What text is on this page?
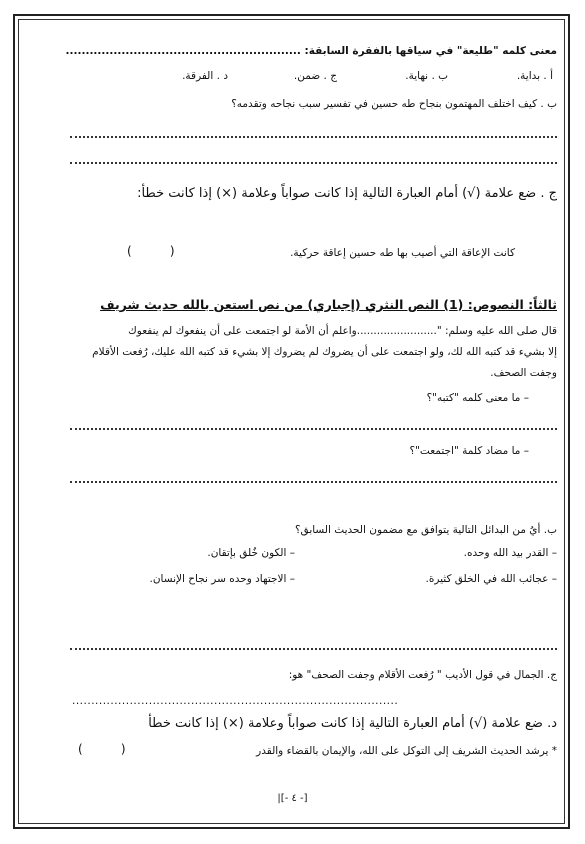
معنى كلمه "طليعة" في سياقها بالفقرة السابقة: ...........................................................
أ . بداية.
ب . نهاية.
ج . ضمن.
د . الفرقة.
ب . كيف اختلف المهتمون بنجاح طه حسين في تفسير سبب نجاحه وتقدمه؟
ج . ضع علامة (√) أمام العبارة التالية إذا كانت صواباً وعلامة (×) إذا كانت خطأ:
كانت الإعاقة التي أصيب بها طه حسين إعاقة حركية.
(          )
ثالثاً: النصوص: (1) النص النثري (إجباري) من نص استعن بالله حديث شريف
قال صلى الله عليه وسلم: "........................واعلم أن الأمة لو اجتمعت على أن ينفعوك لم ينفعوك
إلا بشيء قد كتبه الله لك، ولو اجتمعت على أن يضروك لم يضروك إلا بشيء قد كتبه الله عليك، رُفعت الأقلام
وجفت الصحف.
– ما معنى كلمه "كتبه"؟
– ما مضاد كلمة "اجتمعت"؟
ب. أيُ من البدائل التالية يتوافق مع مضمون الحديث السابق؟
– القدر بيد الله وحده.
– الكون خُلق بإتقان.
– عجائب الله في الخلق كثيرة.
– الاجتهاد وحده سر نجاح الإنسان.
ج. الجمال في قول الأديب " رُفعت الأقلام وجفت الصحف" هو:
.....................................................................................
د. ضع علامة (√) أمام العبارة التالية إذا كانت صواباً وعلامة (×) إذا كانت خطأ
* يرشد الحديث الشريف إلى التوكل على الله، والإيمان بالقضاء والقدر
(          )
|[- ٤ -]
